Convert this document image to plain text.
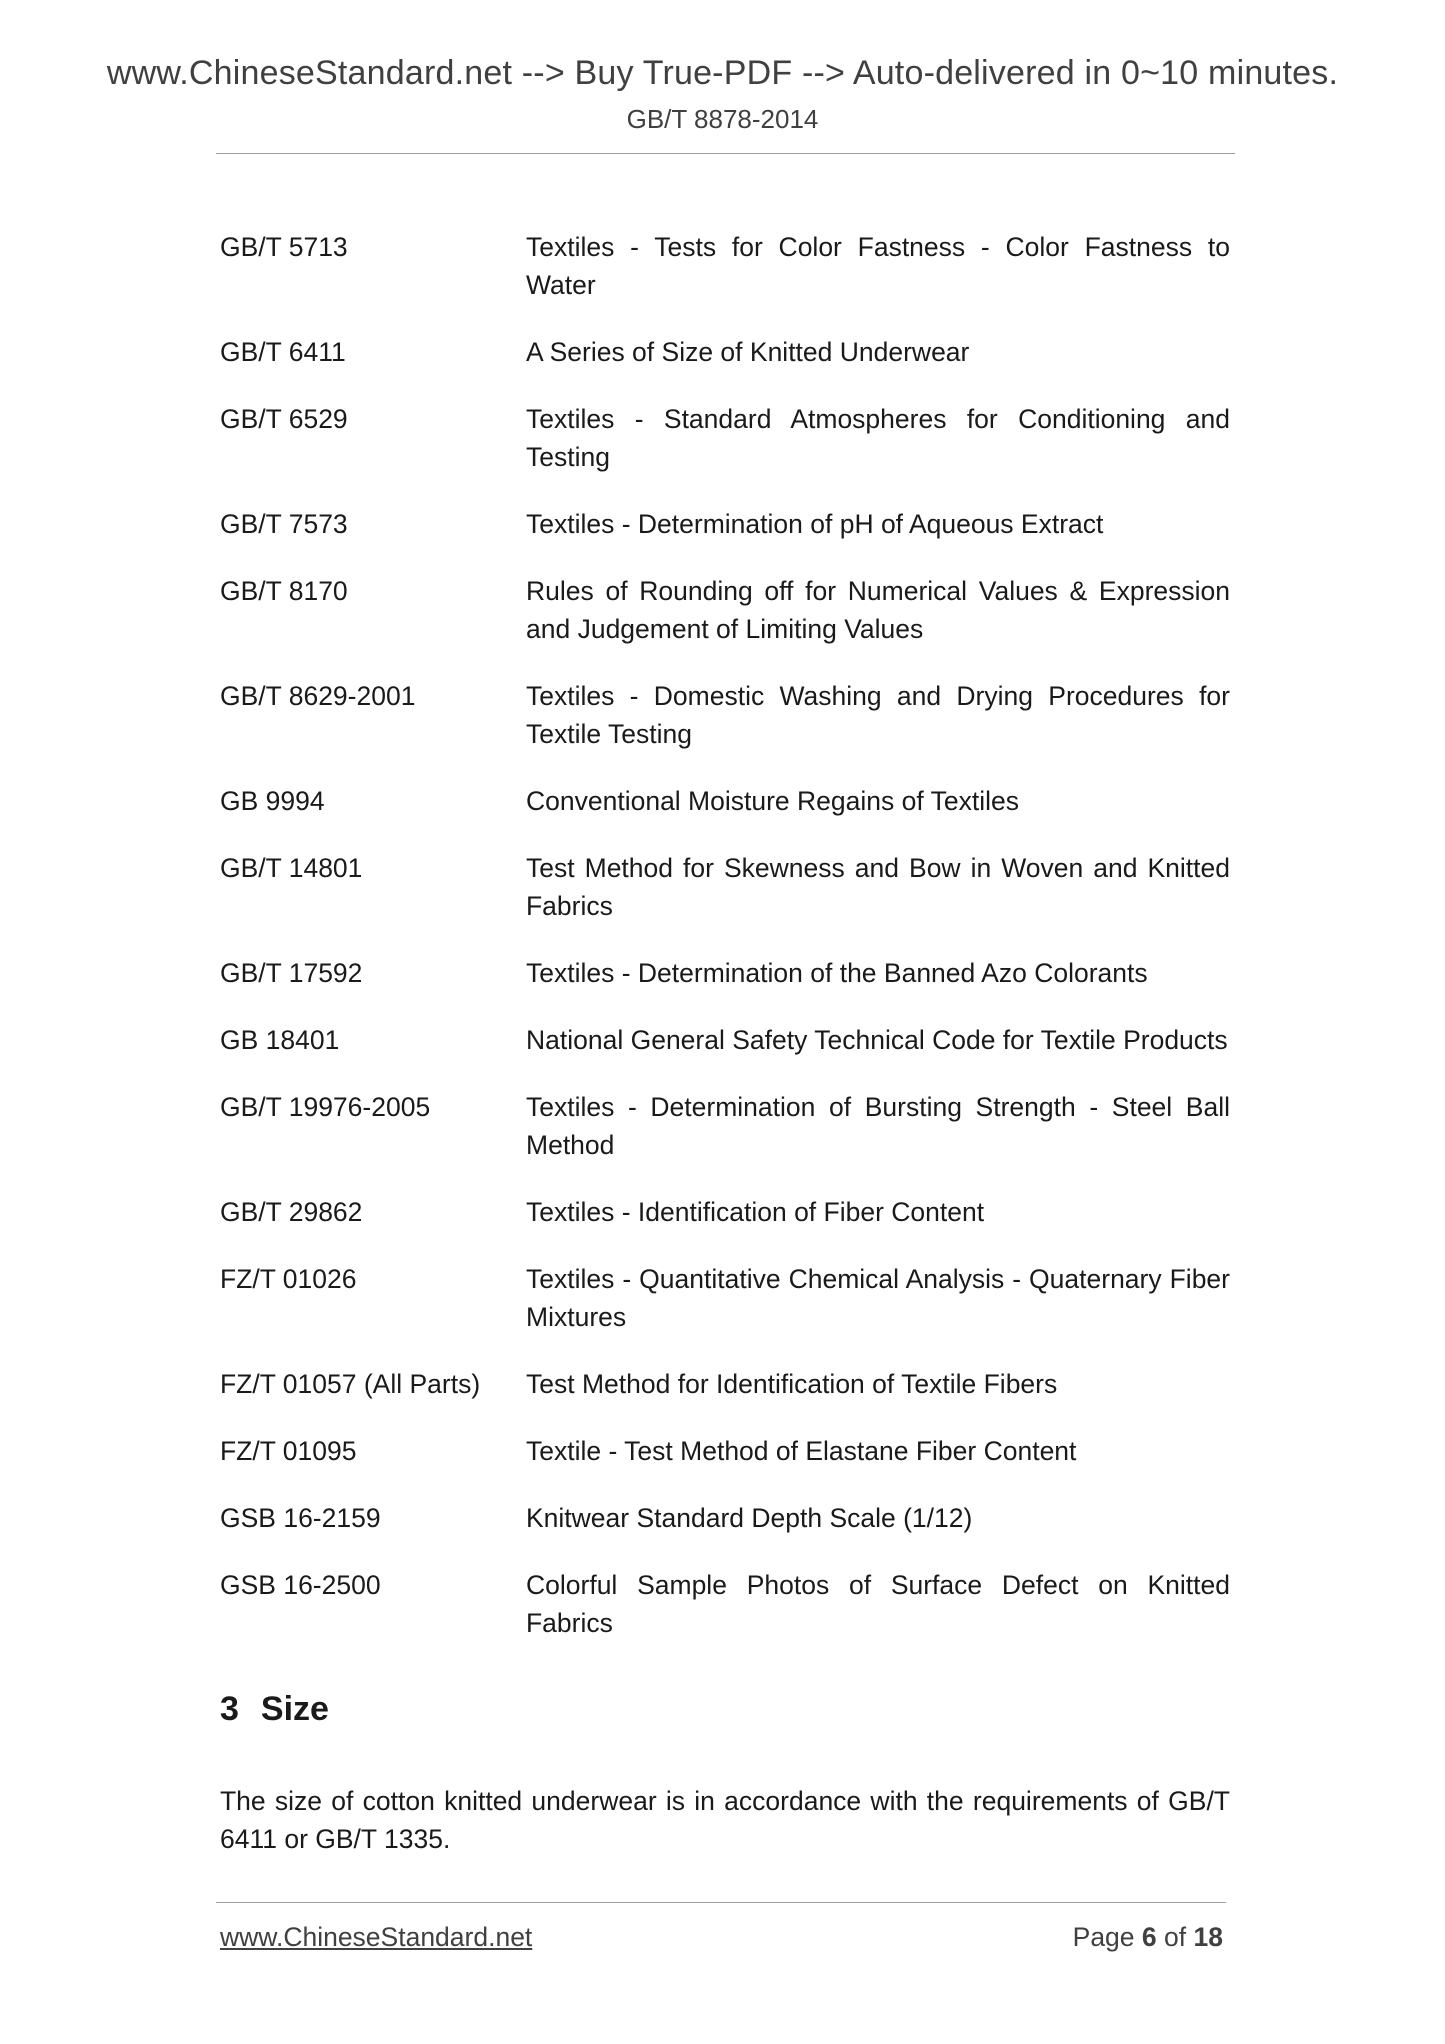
www.ChineseStandard.net --> Buy True-PDF --> Auto-delivered in 0~10 minutes.
GB/T 8878-2014
GB/T 5713	Textiles - Tests for Color Fastness - Color Fastness to Water
GB/T 6411	A Series of Size of Knitted Underwear
GB/T 6529	Textiles - Standard Atmospheres for Conditioning and Testing
GB/T 7573	Textiles - Determination of pH of Aqueous Extract
GB/T 8170	Rules of Rounding off for Numerical Values & Expression and Judgement of Limiting Values
GB/T 8629-2001	Textiles - Domestic Washing and Drying Procedures for Textile Testing
GB 9994	Conventional Moisture Regains of Textiles
GB/T 14801	Test Method for Skewness and Bow in Woven and Knitted Fabrics
GB/T 17592	Textiles - Determination of the Banned Azo Colorants
GB 18401	National General Safety Technical Code for Textile Products
GB/T 19976-2005	Textiles - Determination of Bursting Strength - Steel Ball Method
GB/T 29862	Textiles - Identification of Fiber Content
FZ/T 01026	Textiles - Quantitative Chemical Analysis - Quaternary Fiber Mixtures
FZ/T 01057 (All Parts)	Test Method for Identification of Textile Fibers
FZ/T 01095	Textile - Test Method of Elastane Fiber Content
GSB 16-2159	Knitwear Standard Depth Scale (1/12)
GSB 16-2500	Colorful Sample Photos of Surface Defect on Knitted Fabrics
3 Size
The size of cotton knitted underwear is in accordance with the requirements of GB/T 6411 or GB/T 1335.
www.ChineseStandard.net	Page 6 of 18
